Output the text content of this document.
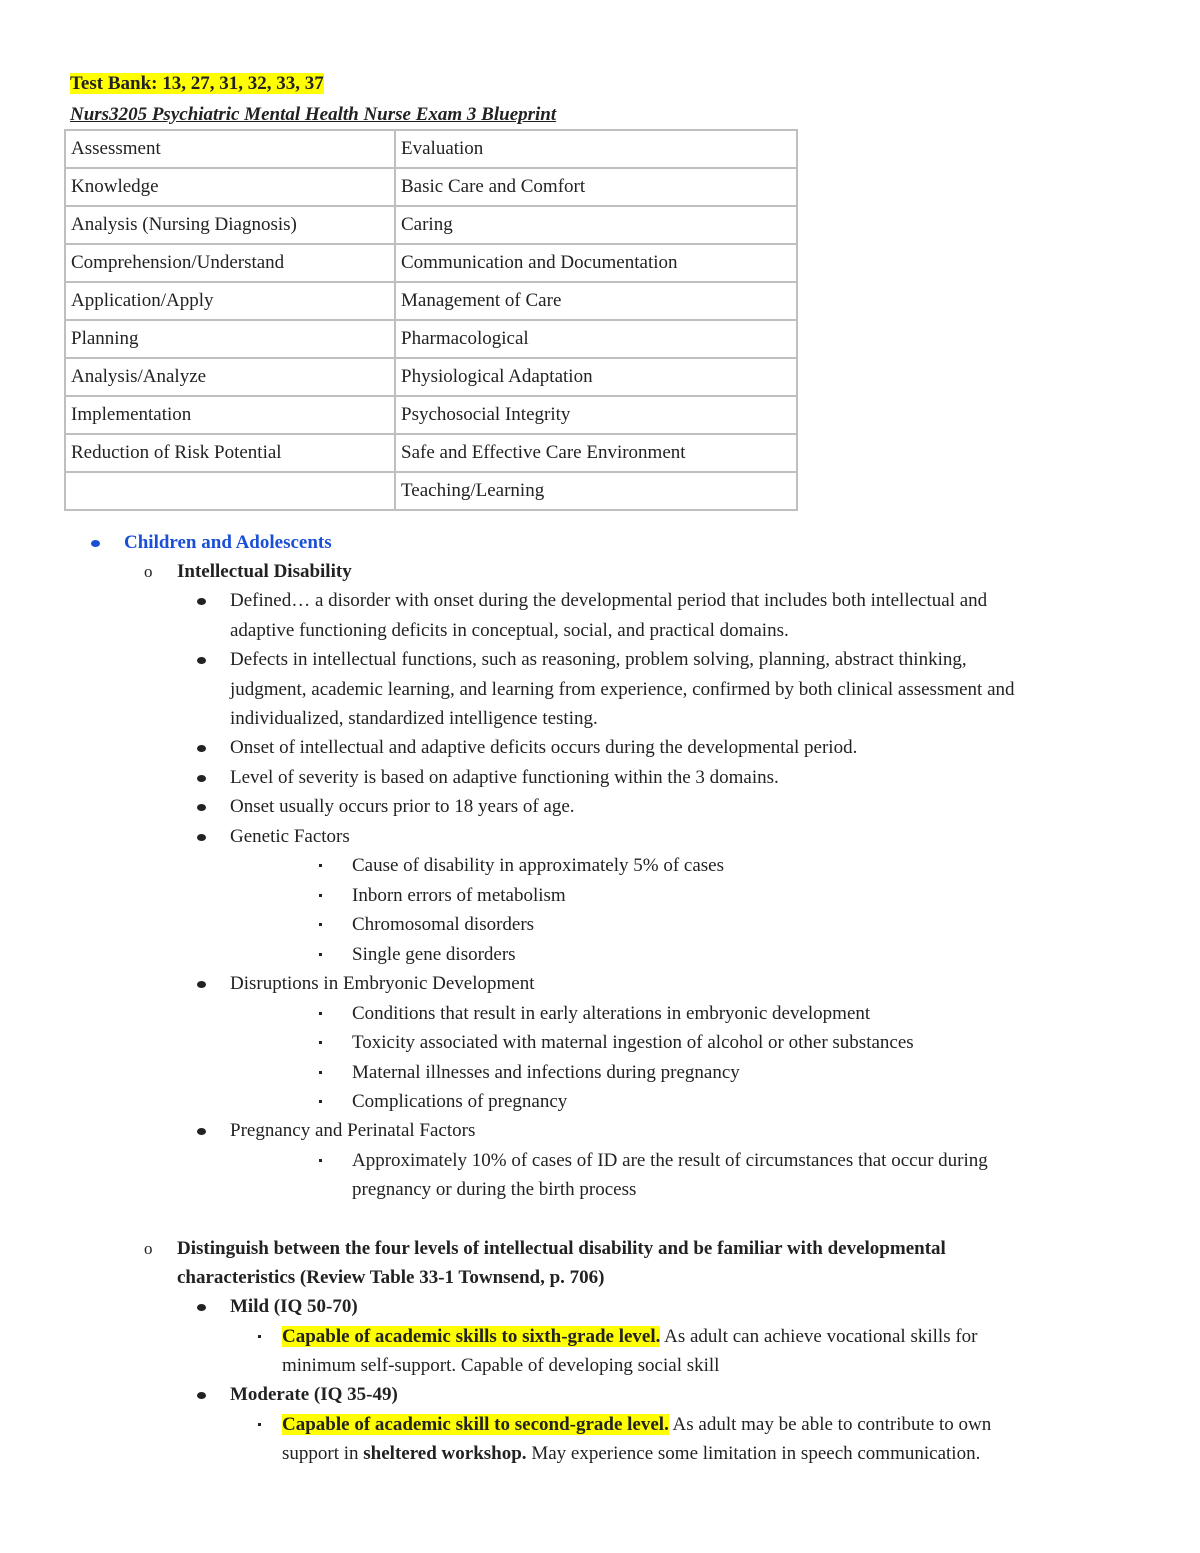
Test Bank: 13, 27, 31, 32, 33, 37
Nurs3205 Psychiatric Mental Health Nurse Exam 3 Blueprint
Assessment	Evaluation
Knowledge	Basic Care and Comfort
Analysis (Nursing Diagnosis)	Caring
Comprehension/Understand	Communication and Documentation
Application/Apply	Management of Care
Planning	Pharmacological
Analysis/Analyze	Physiological Adaptation
Implementation	Psychosocial Integrity
Reduction of Risk Potential	Safe and Effective Care Environment
	Teaching/Learning
Children and Adolescents
o Intellectual Disability
Defined… a disorder with onset during the developmental period that includes both intellectual and
adaptive functioning deficits in conceptual, social, and practical domains.
Defects in intellectual functions, such as reasoning, problem solving, planning, abstract thinking,
judgment, academic learning, and learning from experience, confirmed by both clinical assessment and
individualized, standardized intelligence testing.
Onset of intellectual and adaptive deficits occurs during the developmental period.
Level of severity is based on adaptive functioning within the 3 domains.
Onset usually occurs prior to 18 years of age.
Genetic Factors
Cause of disability in approximately 5% of cases
Inborn errors of metabolism
Chromosomal disorders
Single gene disorders
Disruptions in Embryonic Development
Conditions that result in early alterations in embryonic development
Toxicity associated with maternal ingestion of alcohol or other substances
Maternal illnesses and infections during pregnancy
Complications of pregnancy
Pregnancy and Perinatal Factors
Approximately 10% of cases of ID are the result of circumstances that occur during
pregnancy or during the birth process
o Distinguish between the four levels of intellectual disability and be familiar with developmental
characteristics (Review Table 33-1 Townsend, p. 706)
Mild (IQ 50-70)
Capable of academic skills to sixth-grade level. As adult can achieve vocational skills for
minimum self-support. Capable of developing social skill
Moderate (IQ 35-49)
Capable of academic skill to second-grade level. As adult may be able to contribute to own
support in sheltered workshop. May experience some limitation in speech communication.
